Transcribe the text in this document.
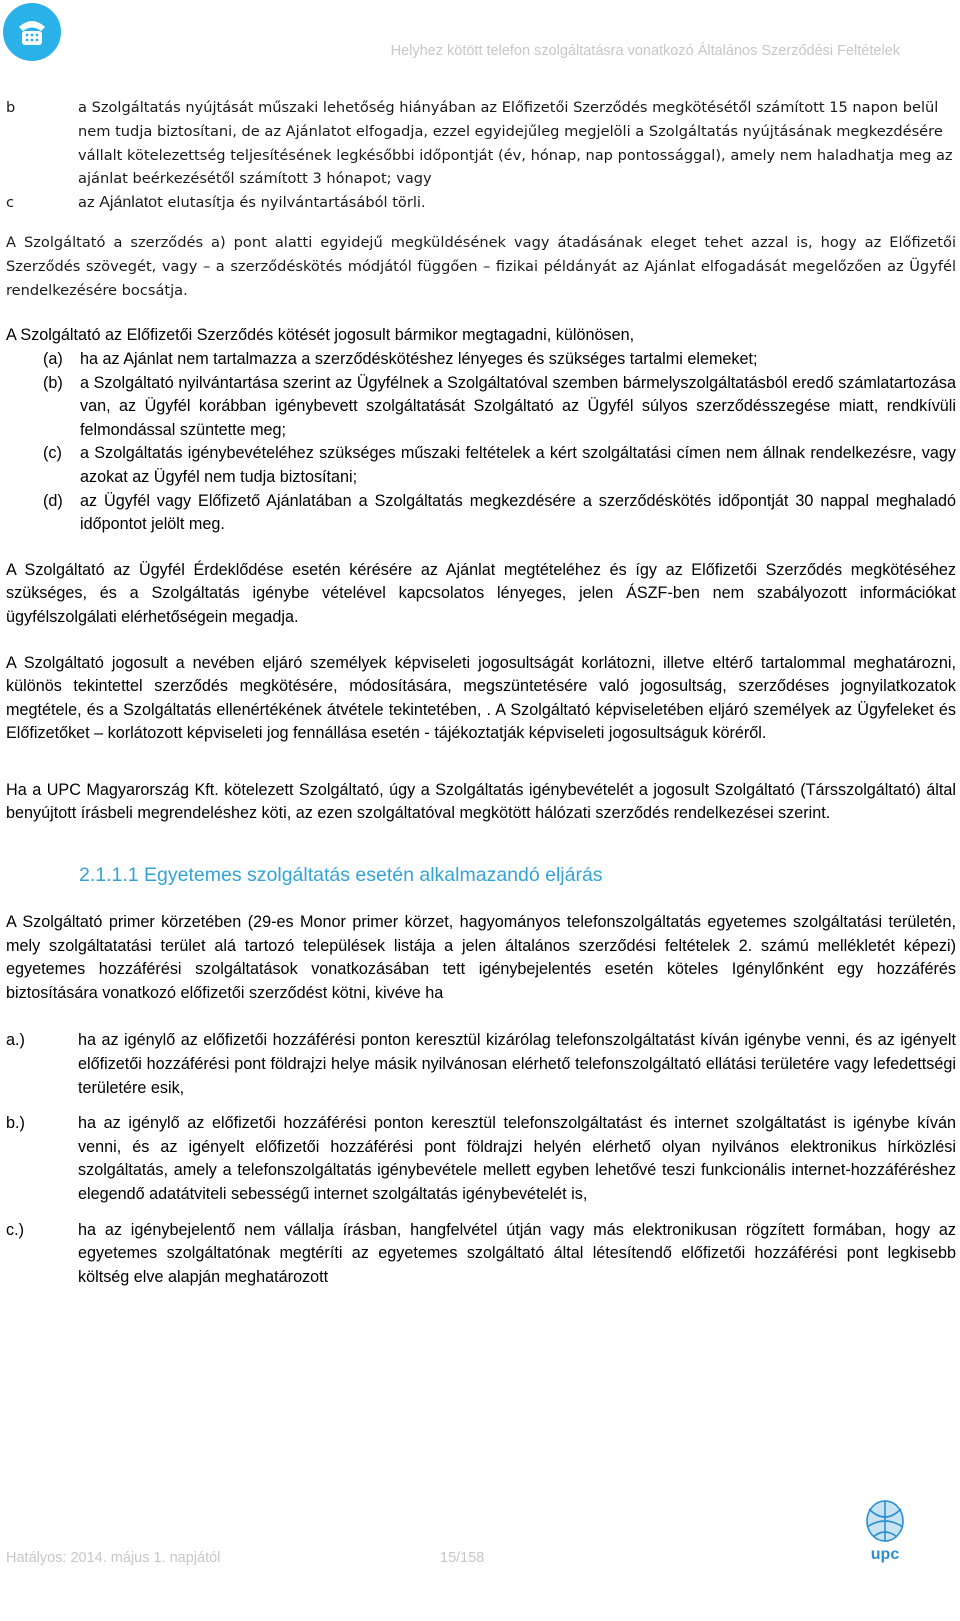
Helyhez kötött telefon szolgáltatásra vonatkozó Általános Szerződési Feltételek
b	a Szolgáltatás nyújtását műszaki lehetőség hiányában az Előfizetői Szerződés megkötésétől számított 15 napon belül nem tudja biztosítani, de az Ajánlatot elfogadja, ezzel egyidejűleg megjelöli a Szolgáltatás nyújtásának megkezdésére vállalt kötelezettség teljesítésének legkésőbbi időpontját (év, hónap, nap pontossággal), amely nem haladhatja meg az ajánlat beérkezésétől számított 3 hónapot; vagy
c	az Ajánlatot elutasítja és nyilvántartásából törli.
A Szolgáltató a szerződés a) pont alatti egyidejű megküldésének vagy átadásának eleget tehet azzal is, hogy az Előfizetői Szerződés szövegét, vagy – a szerződéskötés módjától függően – fizikai példányát az Ajánlat elfogadását megelőzően az Ügyfél rendelkezésére bocsátja.
A Szolgáltató az Előfizetői Szerződés kötését jogosult bármikor megtagadni, különösen,
(a)	ha az Ajánlat nem tartalmazza a szerződéskötéshez lényeges és szükséges tartalmi elemeket;
(b)	a Szolgáltató nyilvántartása szerint az Ügyfélnek a Szolgáltatóval szemben bármelyszolgáltatásból eredő számlatartozása van, az Ügyfél korábban igénybevett szolgáltatását Szolgáltató az Ügyfél súlyos szerződésszegése miatt, rendkívüli felmondással szüntette meg;
(c)	a Szolgáltatás igénybevételéhez szükséges műszaki feltételek a kért szolgáltatási címen nem állnak rendelkezésre, vagy azokat az Ügyfél nem tudja biztosítani;
(d)	az Ügyfél vagy Előfizető Ajánlatában a Szolgáltatás megkezdésére a szerződéskötés időpontját 30 nappal meghaladó időpontot jelölt meg.
A Szolgáltató az Ügyfél Érdeklődése esetén kérésére az Ajánlat megtételéhez és így az Előfizetői Szerződés megkötéséhez szükséges, és a Szolgáltatás igénybe vételével kapcsolatos lényeges, jelen ÁSZF-ben nem szabályozott információkat ügyfélszolgálati elérhetőségein megadja.
A Szolgáltató jogosult a nevében eljáró személyek képviseleti jogosultságát korlátozni, illetve eltérő tartalommal meghatározni, különös tekintettel szerződés megkötésére, módosítására, megszüntetésére való jogosultság, szerződéses jognyilatkozatok megtétele, és a Szolgáltatás ellenértékének átvétele tekintetében, . A Szolgáltató képviseletében eljáró személyek az Ügyfeleket és Előfizetőket – korlátozott képviseleti jog fennállása esetén - tájékoztatják képviseleti jogosultságuk köréről.
Ha a UPC Magyarország Kft. kötelezett Szolgáltató, úgy a Szolgáltatás igénybevételét a jogosult Szolgáltató (Társszolgáltató) által benyújtott írásbeli megrendeléshez köti, az ezen szolgáltatóval megkötött hálózati szerződés rendelkezései szerint.
2.1.1.1 Egyetemes szolgáltatás esetén alkalmazandó eljárás
A Szolgáltató primer körzetében (29-es Monor primer körzet, hagyományos telefonszolgáltatás egyetemes szolgáltatási területén, mely szolgáltatatási terület alá tartozó települések listája a jelen általános szerződési feltételek 2. számú mellékletét képezi) egyetemes hozzáférési szolgáltatások vonatkozásában tett igénybejelentés esetén köteles Igénylőnként egy hozzáférés biztosítására vonatkozó előfizetői szerződést kötni, kivéve ha
a.)	ha az igénylő az előfizetői hozzáférési ponton keresztül kizárólag telefonszolgáltatást kíván igénybe venni, és az igényelt előfizetői hozzáférési pont földrajzi helye másik nyilvánosan elérhető telefonszolgáltató ellátási területére vagy lefedettségi területére esik,
b.)	ha az igénylő az előfizetői hozzáférési ponton keresztül telefonszolgáltatást és internet szolgáltatást is igénybe kíván venni, és az igényelt előfizetői hozzáférési pont földrajzi helyén elérhető olyan nyilvános elektronikus hírközlési szolgáltatás, amely a telefonszolgáltatás igénybevétele mellett egyben lehetővé teszi funkcionális internet-hozzáféréshez elegendő adatátviteli sebességű internet szolgáltatás igénybevételét is,
c.)	ha az igénybejelentő nem vállalja írásban, hangfelvétel útján vagy más elektronikusan rögzített formában, hogy az egyetemes szolgáltatónak megtéríti az egyetemes szolgáltató által létesítendő előfizetői hozzáférési pont legkisebb költség elve alapján meghatározott
Hatályos: 2014. május 1. napjától	15/158	upc
